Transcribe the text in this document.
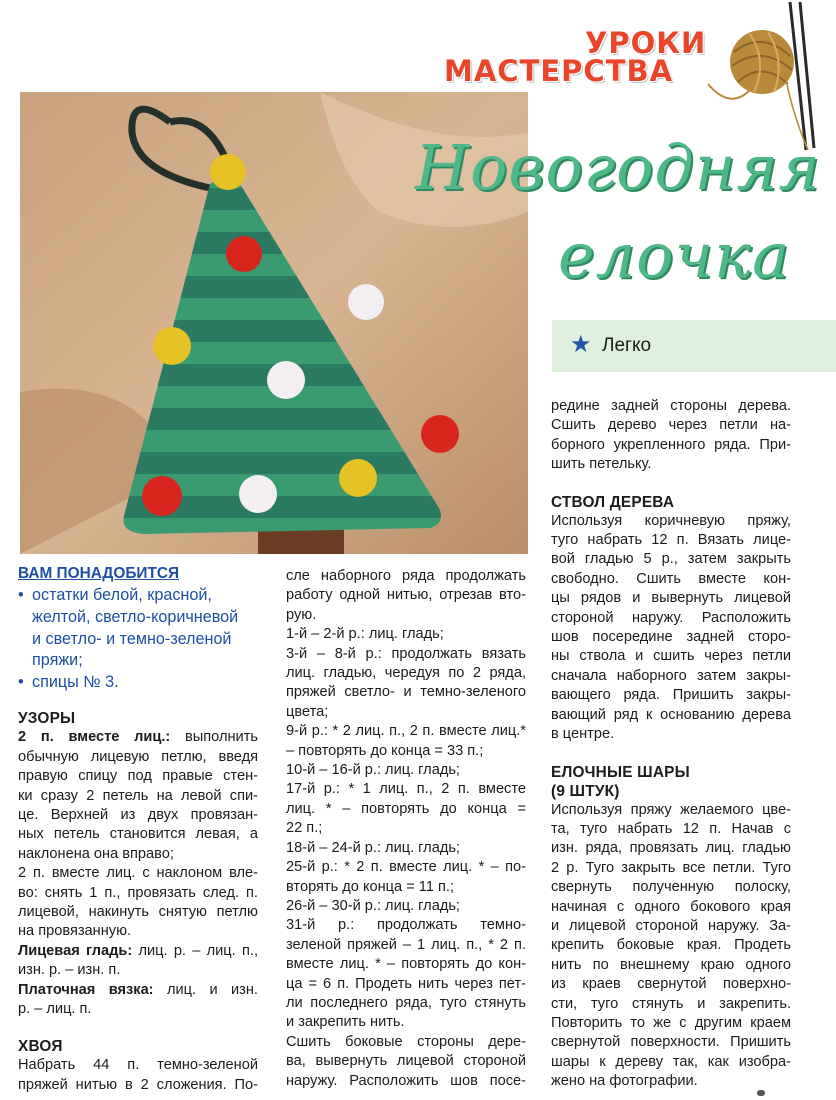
УРОКИ
МАСТЕРСТВА
Новогодняя
елочка
★ Легко

ВАМ ПОНАДОБИТСЯ

• остатки белой, красной,
желтой, светло-коричневой
и светло- и темно-зеленой
пряжи;
• спицы № 3.

УЗОРЫ

2 п. вместе лиц.: выполнить

обычную лицевую петлю, введя

правую спицу под правые стен-

ки сразу 2 петель на левой спи-

це. Верхней из двух провязан-

ных петель становится левая, а

наклонена она вправо;

2 п. вместе лиц. с наклоном вле-

во: снять 1 п., провязать след. п.

лицевой, накинуть снятую петлю

на провязанную.

Лицевая гладь: лиц. р. – лиц. п.,

изн. р. – изн. п.

Платочная вязка: лиц. и изн.

р. – лиц. п.

ХВОЯ

Набрать 44 п. темно-зеленой

пряжей нитью в 2 сложения. По-

сле наборного ряда продолжать

работу одной нитью, отрезав вто-

рую.

1-й – 2-й р.: лиц. гладь;

3-й – 8-й р.: продолжать вязать

лиц. гладью, чередуя по 2 ряда,

пряжей светло- и темно-зеленого

цвета;

9-й р.: * 2 лиц. п., 2 п. вместе лиц.*

– повторять до конца = 33 п.;

10-й – 16-й р.: лиц. гладь;

17-й р.: * 1 лиц. п., 2 п. вместе

лиц. * – повторять до конца =

22 п.;

18-й – 24-й р.: лиц. гладь;

25-й р.: * 2 п. вместе лиц. * – по-

вторять до конца = 11 п.;

26-й – 30-й р.: лиц. гладь;

31-й р.: продолжать темно-

зеленой пряжей – 1 лиц. п., * 2 п.

вместе лиц. * – повторять до кон-

ца = 6 п. Продеть нить через пет-

ли последнего ряда, туго стянуть

и закрепить нить.

Сшить боковые стороны дере-

ва, вывернуть лицевой стороной

наружу. Расположить шов посе-

редине задней стороны дерева.

Сшить дерево через петли на-

борного укрепленного ряда. При-

шить петельку.

СТВОЛ ДЕРЕВА

Используя коричневую пряжу,

туго набрать 12 п. Вязать лице-

вой гладью 5 р., затем закрыть

свободно. Сшить вместе кон-

цы рядов и вывернуть лицевой

стороной наружу. Расположить

шов посередине задней сторо-

ны ствола и сшить через петли

сначала наборного затем закры-

вающего ряда. Пришить закры-

вающий ряд к основанию дерева

в центре.

ЕЛОЧНЫЕ ШАРЫ

(9 ШТУК)

Используя пряжу желаемого цве-

та, туго набрать 12 п. Начав с

изн. ряда, провязать лиц. гладью

2 р. Туго закрыть все петли. Туго

свернуть полученную полоску,

начиная с одного бокового края

и лицевой стороной наружу. За-

крепить боковые края. Продеть

нить по внешнему краю одного

из краев свернутой поверхно-

сти, туго стянуть и закрепить.

Повторить то же с другим краем

свернутой поверхности. Пришить

шары к дереву так, как изобра-

жено на фотографии.
